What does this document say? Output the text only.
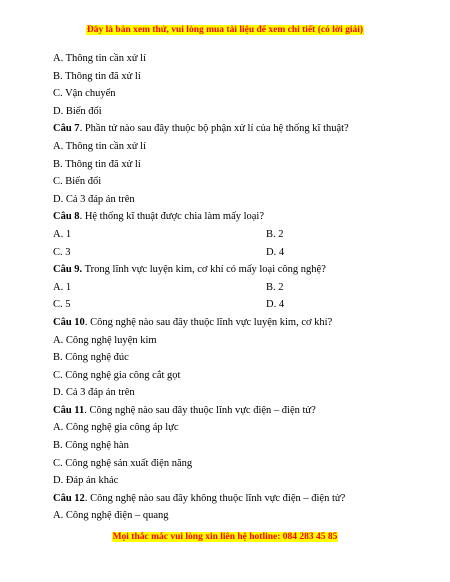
Đây là bản xem thử, vui lòng mua tài liệu để xem chi tiết (có lời giải)
A. Thông tin cần xử lí
B. Thông tin đã xử lí
C. Vận chuyển
D. Biến đổi
Câu 7. Phần tử nào sau đây thuộc bộ phận xử lí của hệ thống kĩ thuật?
A. Thông tin cần xử lí
B. Thông tin đã xử lí
C. Biến đổi
D. Cả 3 đáp án trên
Câu 8. Hệ thống kĩ thuật được chia làm mấy loại?
A. 1	B. 2
C. 3	D. 4
Câu 9. Trong lĩnh vực luyện kim, cơ khí có mấy loại công nghệ?
A. 1	B. 2
C. 5	D. 4
Câu 10. Công nghệ nào sau đây thuộc lĩnh vực luyện kim, cơ khí?
A. Công nghệ luyện kim
B. Công nghệ đúc
C. Công nghệ gia công cắt gọt
D. Cả 3 đáp án trên
Câu 11. Công nghệ nào sau đây thuộc lĩnh vực điện – điện tử?
A. Công nghệ gia công áp lực
B. Công nghệ hàn
C. Công nghệ sản xuất điện năng
D. Đáp án khác
Câu 12. Công nghệ nào sau đây không thuộc lĩnh vực điện – điện tử?
A. Công nghệ điện – quang
Mọi thắc mắc vui lòng xin liên hệ hotline: 084 283 45 85
